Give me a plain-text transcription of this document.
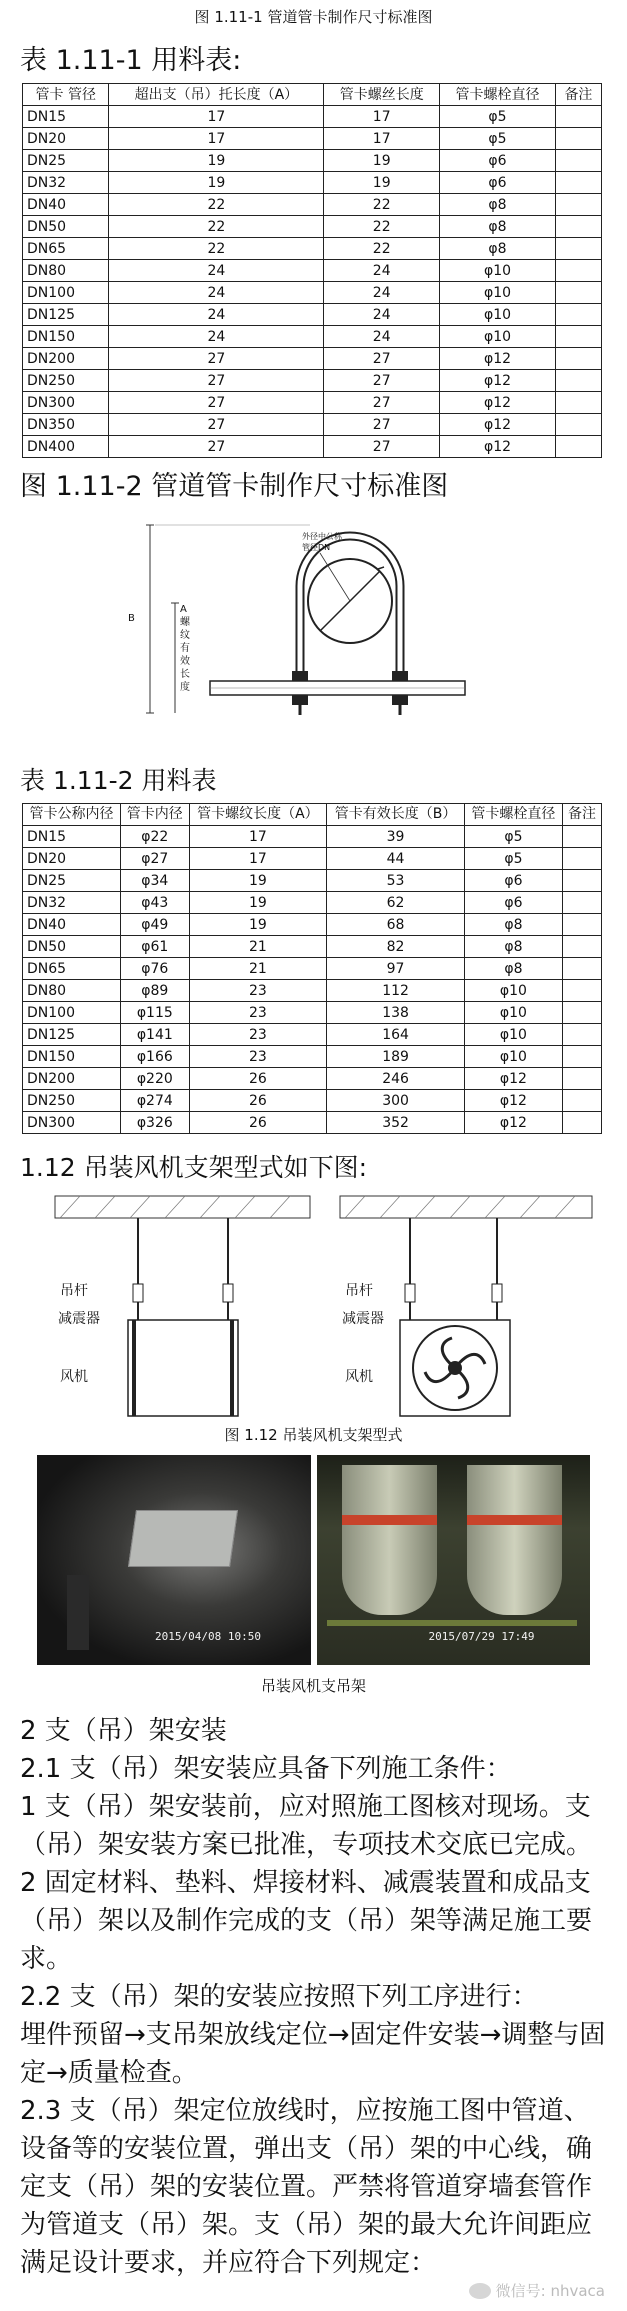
图 1.11-1 管道管卡制作尺寸标准图
表 1.11-1 用料表:
管卡 管径	超出支（吊）托长度（A）	管卡螺丝长度	管卡螺栓直径	备注
DN15	17	17	φ5	
DN20	17	17	φ5	
DN25	19	19	φ6	
DN32	19	19	φ6	
DN40	22	22	φ8	
DN50	22	22	φ8	
DN65	22	22	φ8	
DN80	24	24	φ10	
DN100	24	24	φ10	
DN125	24	24	φ10	
DN150	24	24	φ10	
DN200	27	27	φ12	
DN250	27	27	φ12	
DN300	27	27	φ12	
DN350	27	27	φ12	
DN400	27	27	φ12	
图 1.11-2 管道管卡制作尺寸标准图
B
A
螺
纹
有
效
长
度
外径中公称
管径DN
表 1.11-2 用料表
管卡公称内径	管卡内径	管卡螺纹长度（A）	管卡有效长度（B）	管卡螺栓直径	备注
DN15	φ22	17	39	φ5	
DN20	φ27	17	44	φ5	
DN25	φ34	19	53	φ6	
DN32	φ43	19	62	φ6	
DN40	φ49	19	68	φ8	
DN50	φ61	21	82	φ8	
DN65	φ76	21	97	φ8	
DN80	φ89	23	112	φ10	
DN100	φ115	23	138	φ10	
DN125	φ141	23	164	φ10	
DN150	φ166	23	189	φ10	
DN200	φ220	26	246	φ12	
DN250	φ274	26	300	φ12	
DN300	φ326	26	352	φ12	
1.12 吊装风机支架型式如下图:
吊杆
减震器
风机
吊杆
减震器
风机
图 1.12 吊装风机支架型式
2015/04/08 10:50	2015/07/29 17:49
吊装风机支吊架

2 支（吊）架安装

2.1 支（吊）架安装应具备下列施工条件：

1 支（吊）架安装前，应对照施工图核对现场。支（吊）架安装方案已批准，专项技术交底已完成。

2 固定材料、垫料、焊接材料、减震装置和成品支（吊）架以及制作完成的支（吊）架等满足施工要求。

2.2 支（吊）架的安装应按照下列工序进行：

埋件预留→支吊架放线定位→固定件安装→调整与固定→质量检查。

2.3 支（吊）架定位放线时，应按施工图中管道、设备等的安装位置，弹出支（吊）架的中心线，确定支（吊）架的安装位置。严禁将管道穿墙套管作为管道支（吊）架。支（吊）架的最大允许间距应满足设计要求，并应符合下列规定：

微信号: nhvaca
